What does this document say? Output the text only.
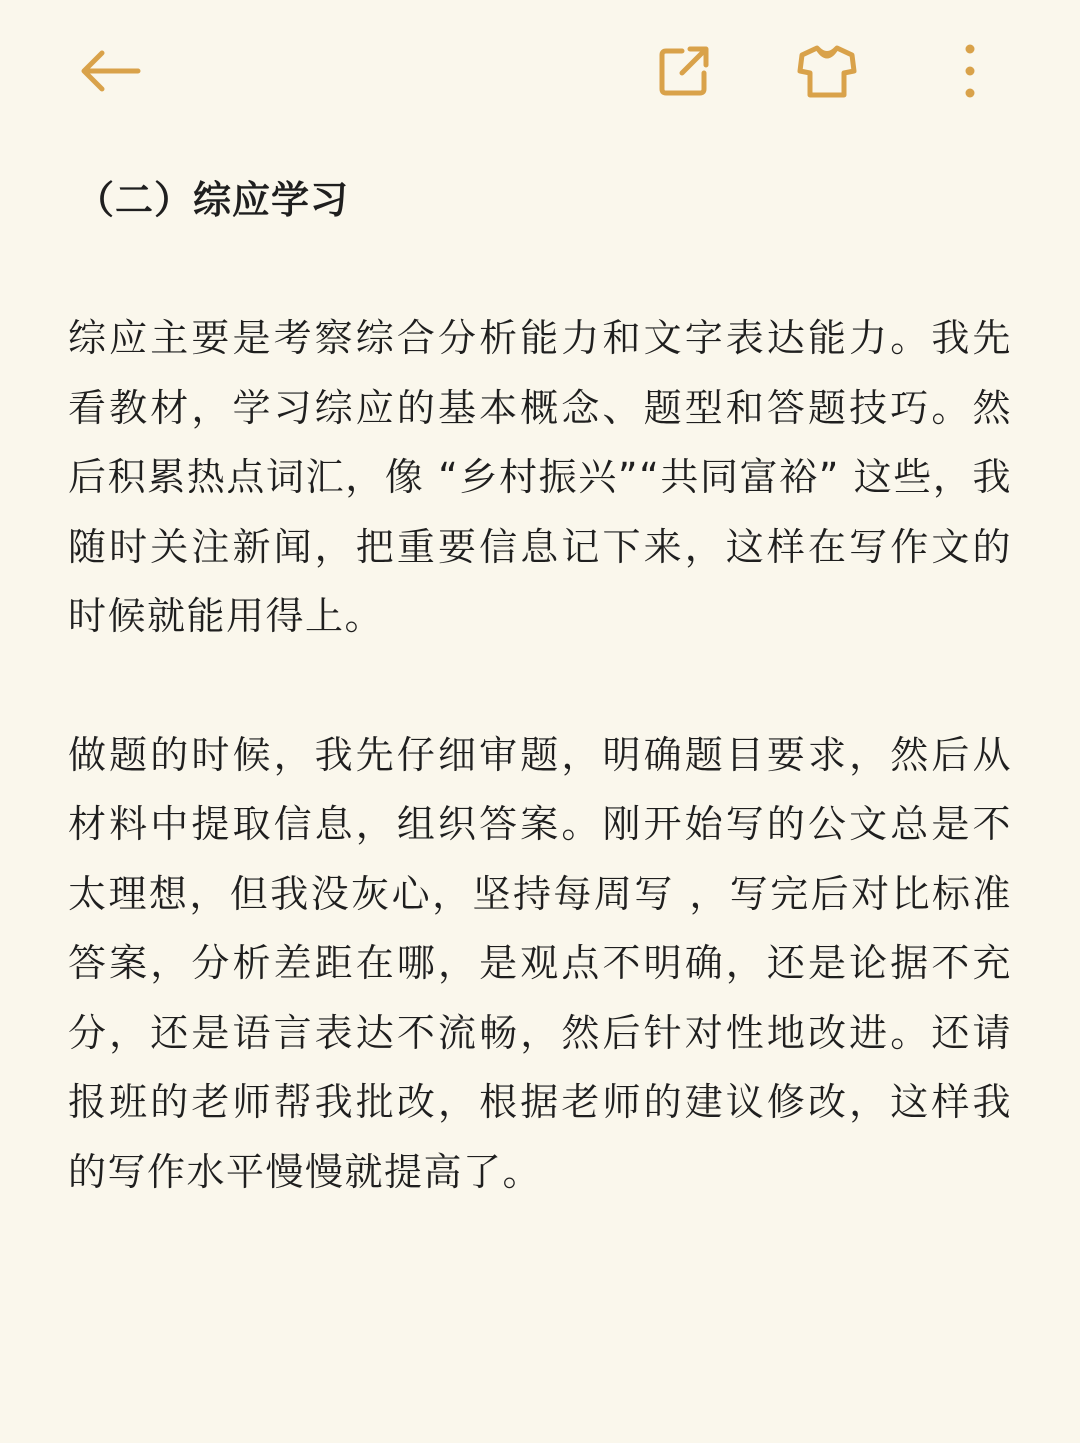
（二）综应学习

综应主要是考察综合分析能力和文字表达能力。我先看教材，学习综应的基本概念、题型和答题技巧。然后积累热点词汇，像 “乡村振兴”“共同富裕” 这些，我随时关注新闻，把重要信息记下来，这样在写作文的时候就能用得上。

做题的时候，我先仔细审题，明确题目要求，然后从材料中提取信息，组织答案。刚开始写的公文总是不太理想，但我没灰心，坚持每周写 ，写完后对比标准答案，分析差距在哪，是观点不明确，还是论据不充分，还是语言表达不流畅，然后针对性地改进。还请报班的老师帮我批改，根据老师的建议修改，这样我的写作水平慢慢就提高了。
